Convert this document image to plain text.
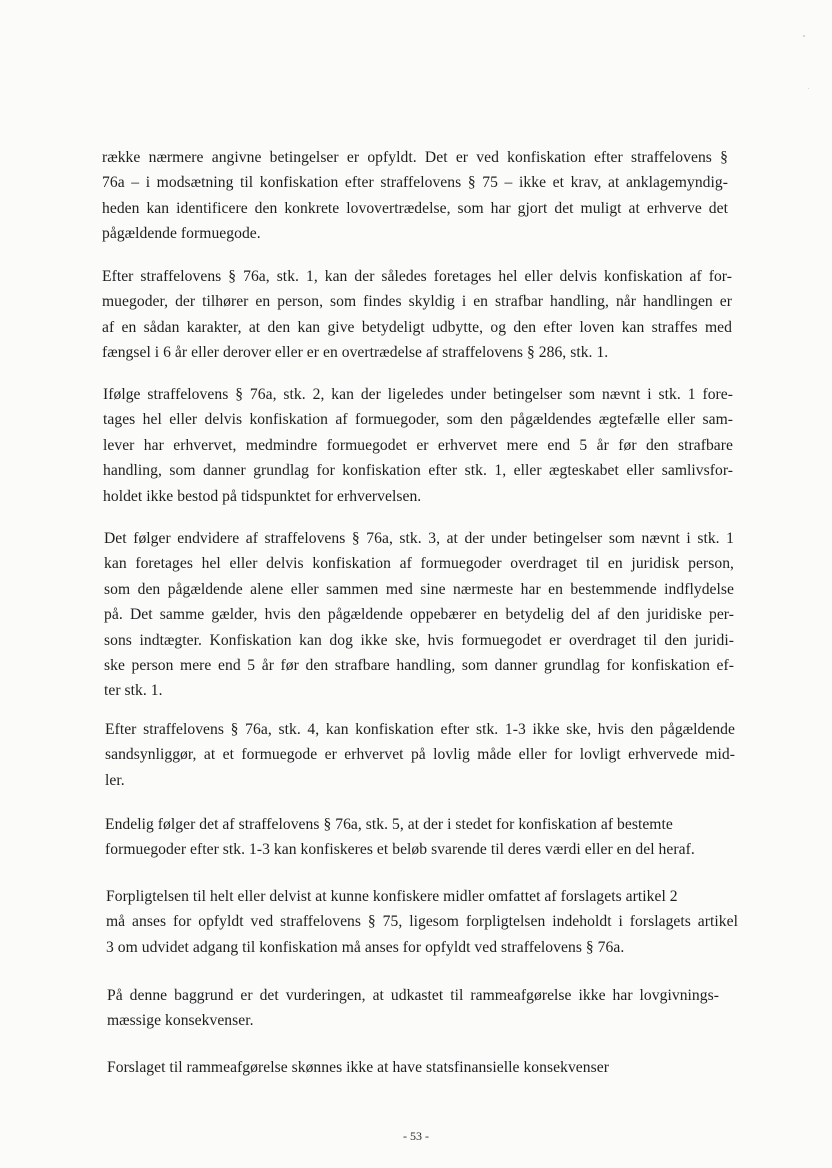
række nærmere angivne betingelser er opfyldt. Det er ved konfiskation efter straffelovens §
76a – i modsætning til konfiskation efter straffelovens § 75 – ikke et krav, at anklagemyndig-
heden kan identificere den konkrete lovovertrædelse, som har gjort det muligt at erhverve det
pågældende formuegode.

Efter straffelovens § 76a, stk. 1, kan der således foretages hel eller delvis konfiskation af for-
muegoder, der tilhører en person, som findes skyldig i en strafbar handling, når handlingen er
af en sådan karakter, at den kan give betydeligt udbytte, og den efter loven kan straffes med
fængsel i 6 år eller derover eller er en overtrædelse af straffelovens § 286, stk. 1.

Ifølge straffelovens § 76a, stk. 2, kan der ligeledes under betingelser som nævnt i stk. 1 fore-
tages hel eller delvis konfiskation af formuegoder, som den pågældendes ægtefælle eller sam-
lever har erhvervet, medmindre formuegodet er erhvervet mere end 5 år før den strafbare
handling, som danner grundlag for konfiskation efter stk. 1, eller ægteskabet eller samlivsfor-
holdet ikke bestod på tidspunktet for erhvervelsen.

Det følger endvidere af straffelovens § 76a, stk. 3, at der under betingelser som nævnt i stk. 1
kan foretages hel eller delvis konfiskation af formuegoder overdraget til en juridisk person,
som den pågældende alene eller sammen med sine nærmeste har en bestemmende indflydelse
på. Det samme gælder, hvis den pågældende oppebærer en betydelig del af den juridiske per-
sons indtægter. Konfiskation kan dog ikke ske, hvis formuegodet er overdraget til den juridi-
ske person mere end 5 år før den strafbare handling, som danner grundlag for konfiskation ef-
ter stk. 1.

Efter straffelovens § 76a, stk. 4, kan konfiskation efter stk. 1-3 ikke ske, hvis den pågældende
sandsynliggør, at et formuegode er erhvervet på lovlig måde eller for lovligt erhvervede mid-
ler.

Endelig følger det af straffelovens § 76a, stk. 5, at der i stedet for konfiskation af bestemte
formuegoder efter stk. 1-3 kan konfiskeres et beløb svarende til deres værdi eller en del heraf.

Forpligtelsen til helt eller delvist at kunne konfiskere midler omfattet af forslagets artikel 2
må anses for opfyldt ved straffelovens § 75, ligesom forpligtelsen indeholdt i forslagets artikel
3 om udvidet adgang til konfiskation må anses for opfyldt ved straffelovens § 76a.

På denne baggrund er det vurderingen, at udkastet til rammeafgørelse ikke har lovgivnings-
mæssige konsekvenser.

Forslaget til rammeafgørelse skønnes ikke at have statsfinansielle konsekvenser

- 53 -
